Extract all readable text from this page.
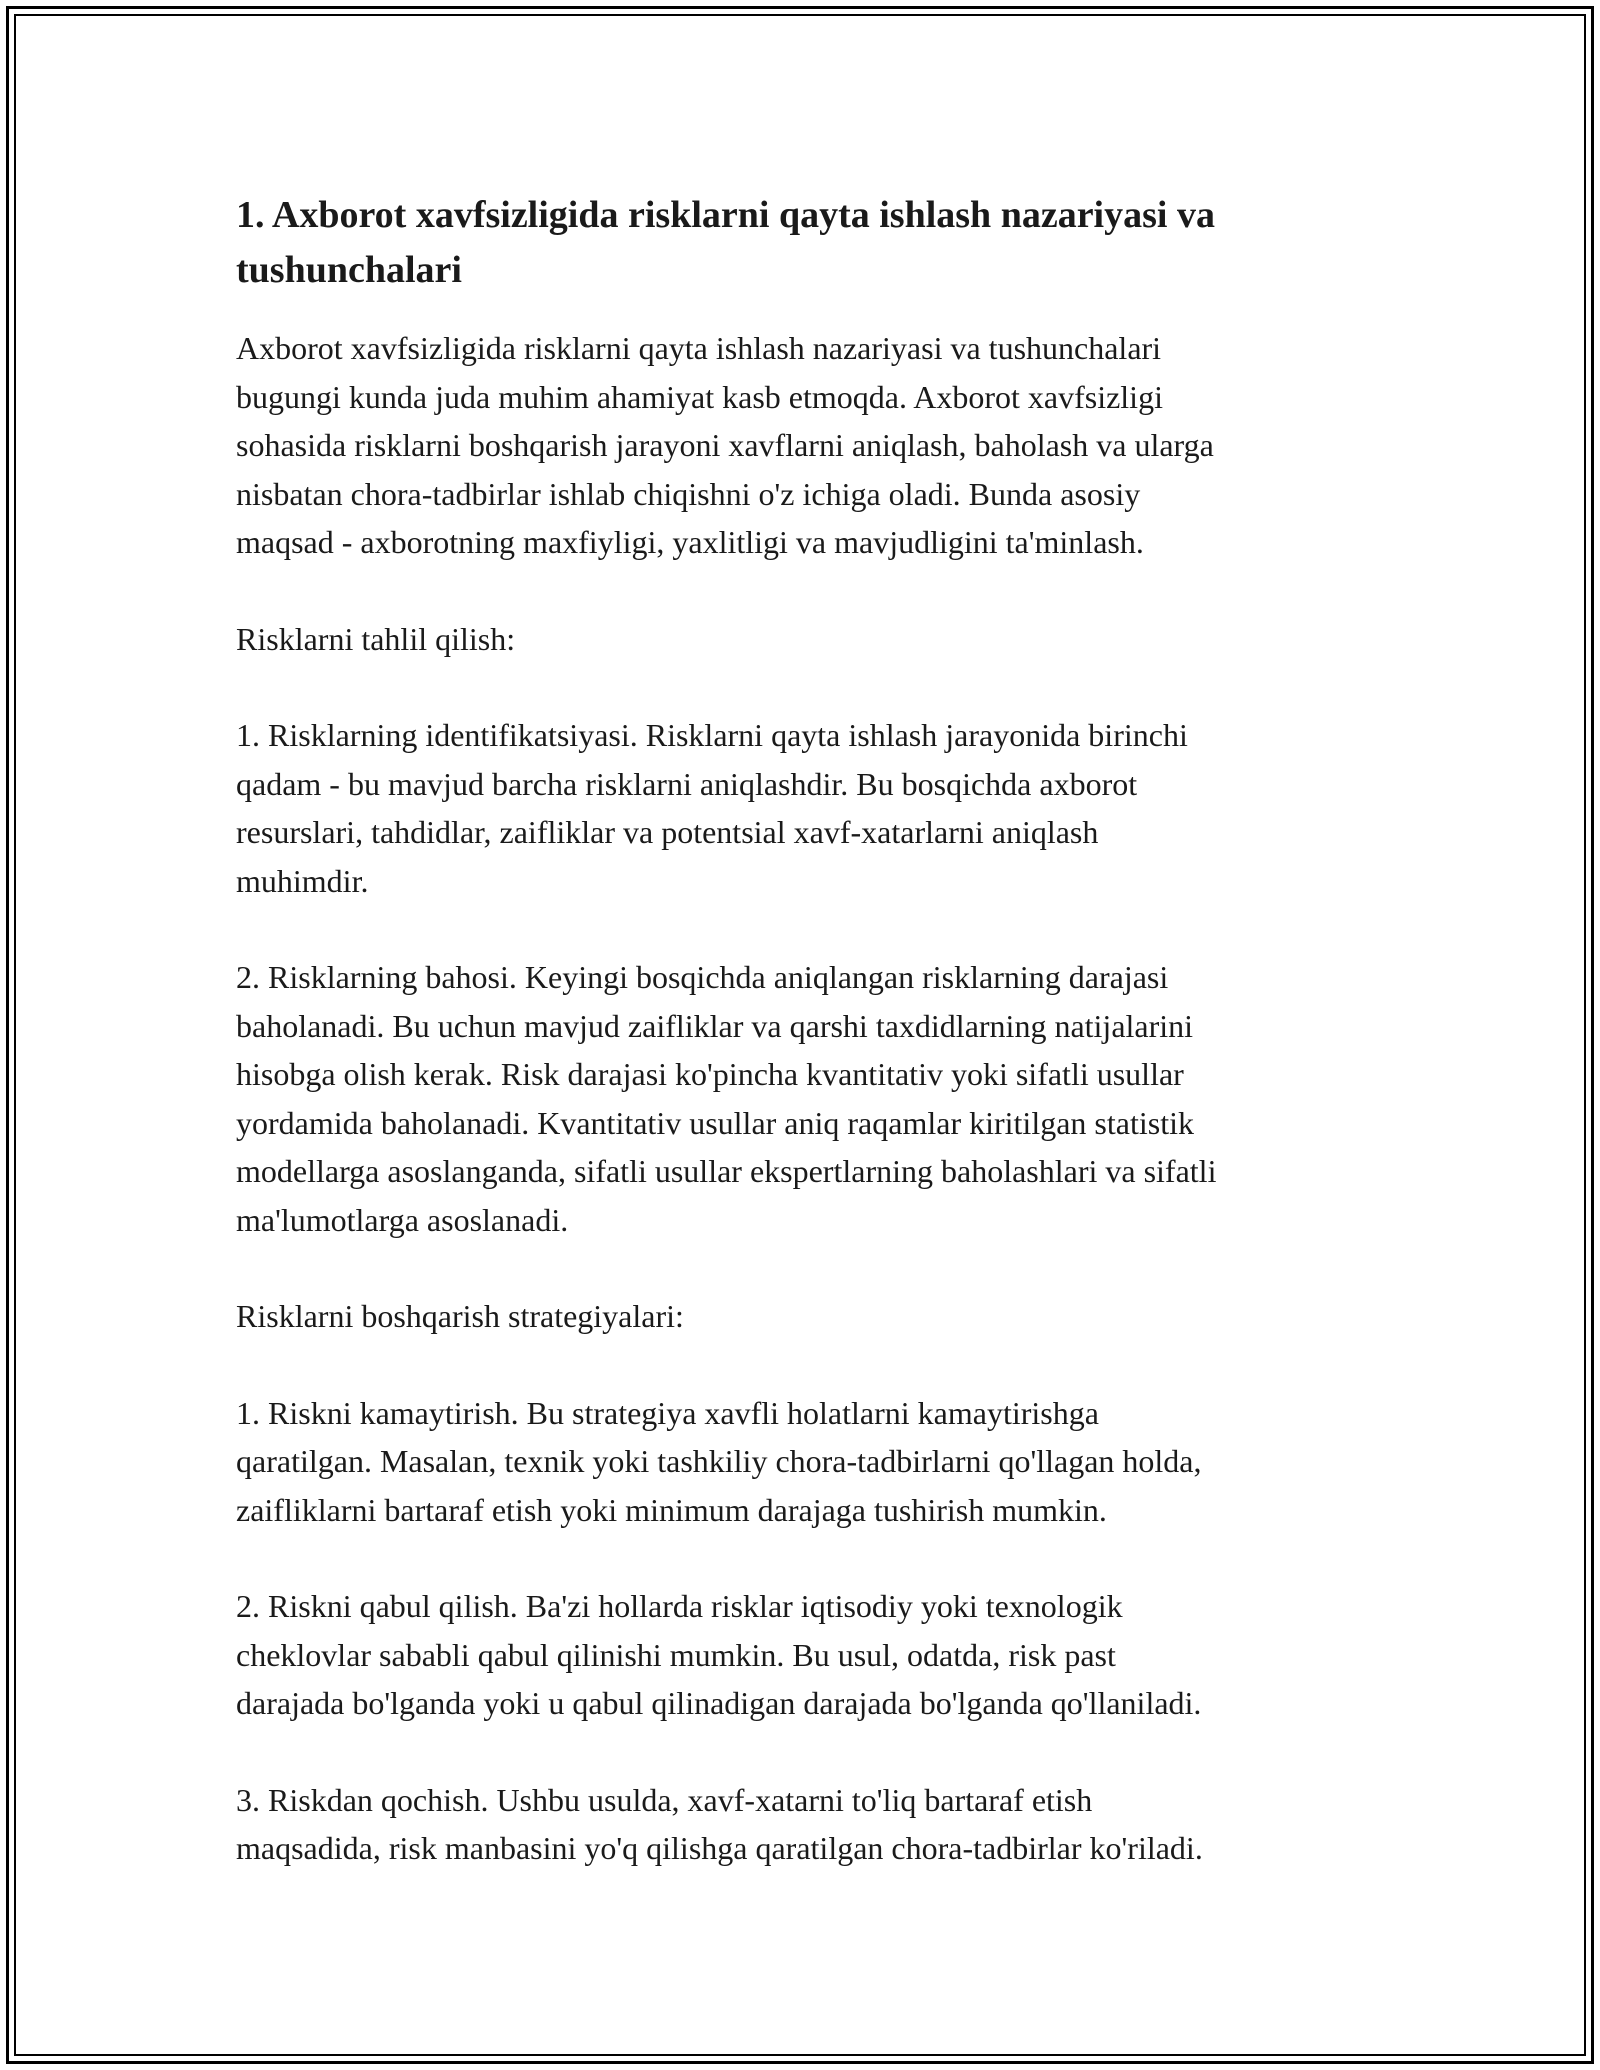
1. Axborot xavfsizligida risklarni qayta ishlash nazariyasi va
tushunchalari

Axborot xavfsizligida risklarni qayta ishlash nazariyasi va tushunchalari
bugungi kunda juda muhim ahamiyat kasb etmoqda. Axborot xavfsizligi
sohasida risklarni boshqarish jarayoni xavflarni aniqlash, baholash va ularga
nisbatan chora-tadbirlar ishlab chiqishni o'z ichiga oladi. Bunda asosiy
maqsad - axborotning maxfiyligi, yaxlitligi va mavjudligini ta'minlash.

Risklarni tahlil qilish:

1. Risklarning identifikatsiyasi. Risklarni qayta ishlash jarayonida birinchi
qadam - bu mavjud barcha risklarni aniqlashdir. Bu bosqichda axborot
resurslari, tahdidlar, zaifliklar va potentsial xavf-xatarlarni aniqlash
muhimdir.

2. Risklarning bahosi. Keyingi bosqichda aniqlangan risklarning darajasi
baholanadi. Bu uchun mavjud zaifliklar va qarshi taxdidlarning natijalarini
hisobga olish kerak. Risk darajasi ko'pincha kvantitativ yoki sifatli usullar
yordamida baholanadi. Kvantitativ usullar aniq raqamlar kiritilgan statistik
modellarga asoslanganda, sifatli usullar ekspertlarning baholashlari va sifatli
ma'lumotlarga asoslanadi.

Risklarni boshqarish strategiyalari:

1. Riskni kamaytirish. Bu strategiya xavfli holatlarni kamaytirishga
qaratilgan. Masalan, texnik yoki tashkiliy chora-tadbirlarni qo'llagan holda,
zaifliklarni bartaraf etish yoki minimum darajaga tushirish mumkin.

2. Riskni qabul qilish. Ba'zi hollarda risklar iqtisodiy yoki texnologik
cheklovlar sababli qabul qilinishi mumkin. Bu usul, odatda, risk past
darajada bo'lganda yoki u qabul qilinadigan darajada bo'lganda qo'llaniladi.

3. Riskdan qochish. Ushbu usulda, xavf-xatarni to'liq bartaraf etish
maqsadida, risk manbasini yo'q qilishga qaratilgan chora-tadbirlar ko'riladi.
